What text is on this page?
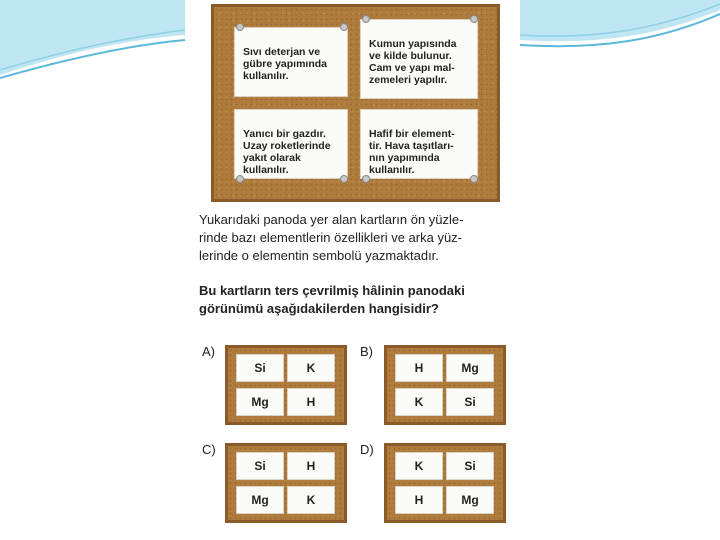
Sıvı deterjan ve
gübre yapımında
kullanılır.

Kumun yapısında
ve kilde bulunur.
Cam ve yapı mal-
zemeleri yapılır.

Yanıcı bir gazdır.
Uzay roketlerinde
yakıt olarak
kullanılır.

Hafif bir element-
tir. Hava taşıtları-
nın yapımında
kullanılır.

Yukarıdaki panoda yer alan kartların ön yüzle-
rinde bazı elementlerin özellikleri ve arka yüz-
lerinde o elementin sembolü yazmaktadır.
Bu kartların ters çevrilmiş hâlinin panodaki
görünümü aşağıdakilerden hangisidir?
A)
Si	K
Mg	H
B)
H	Mg
K	Si
C)
Si	H
Mg	K
D)
K	Si
H	Mg
